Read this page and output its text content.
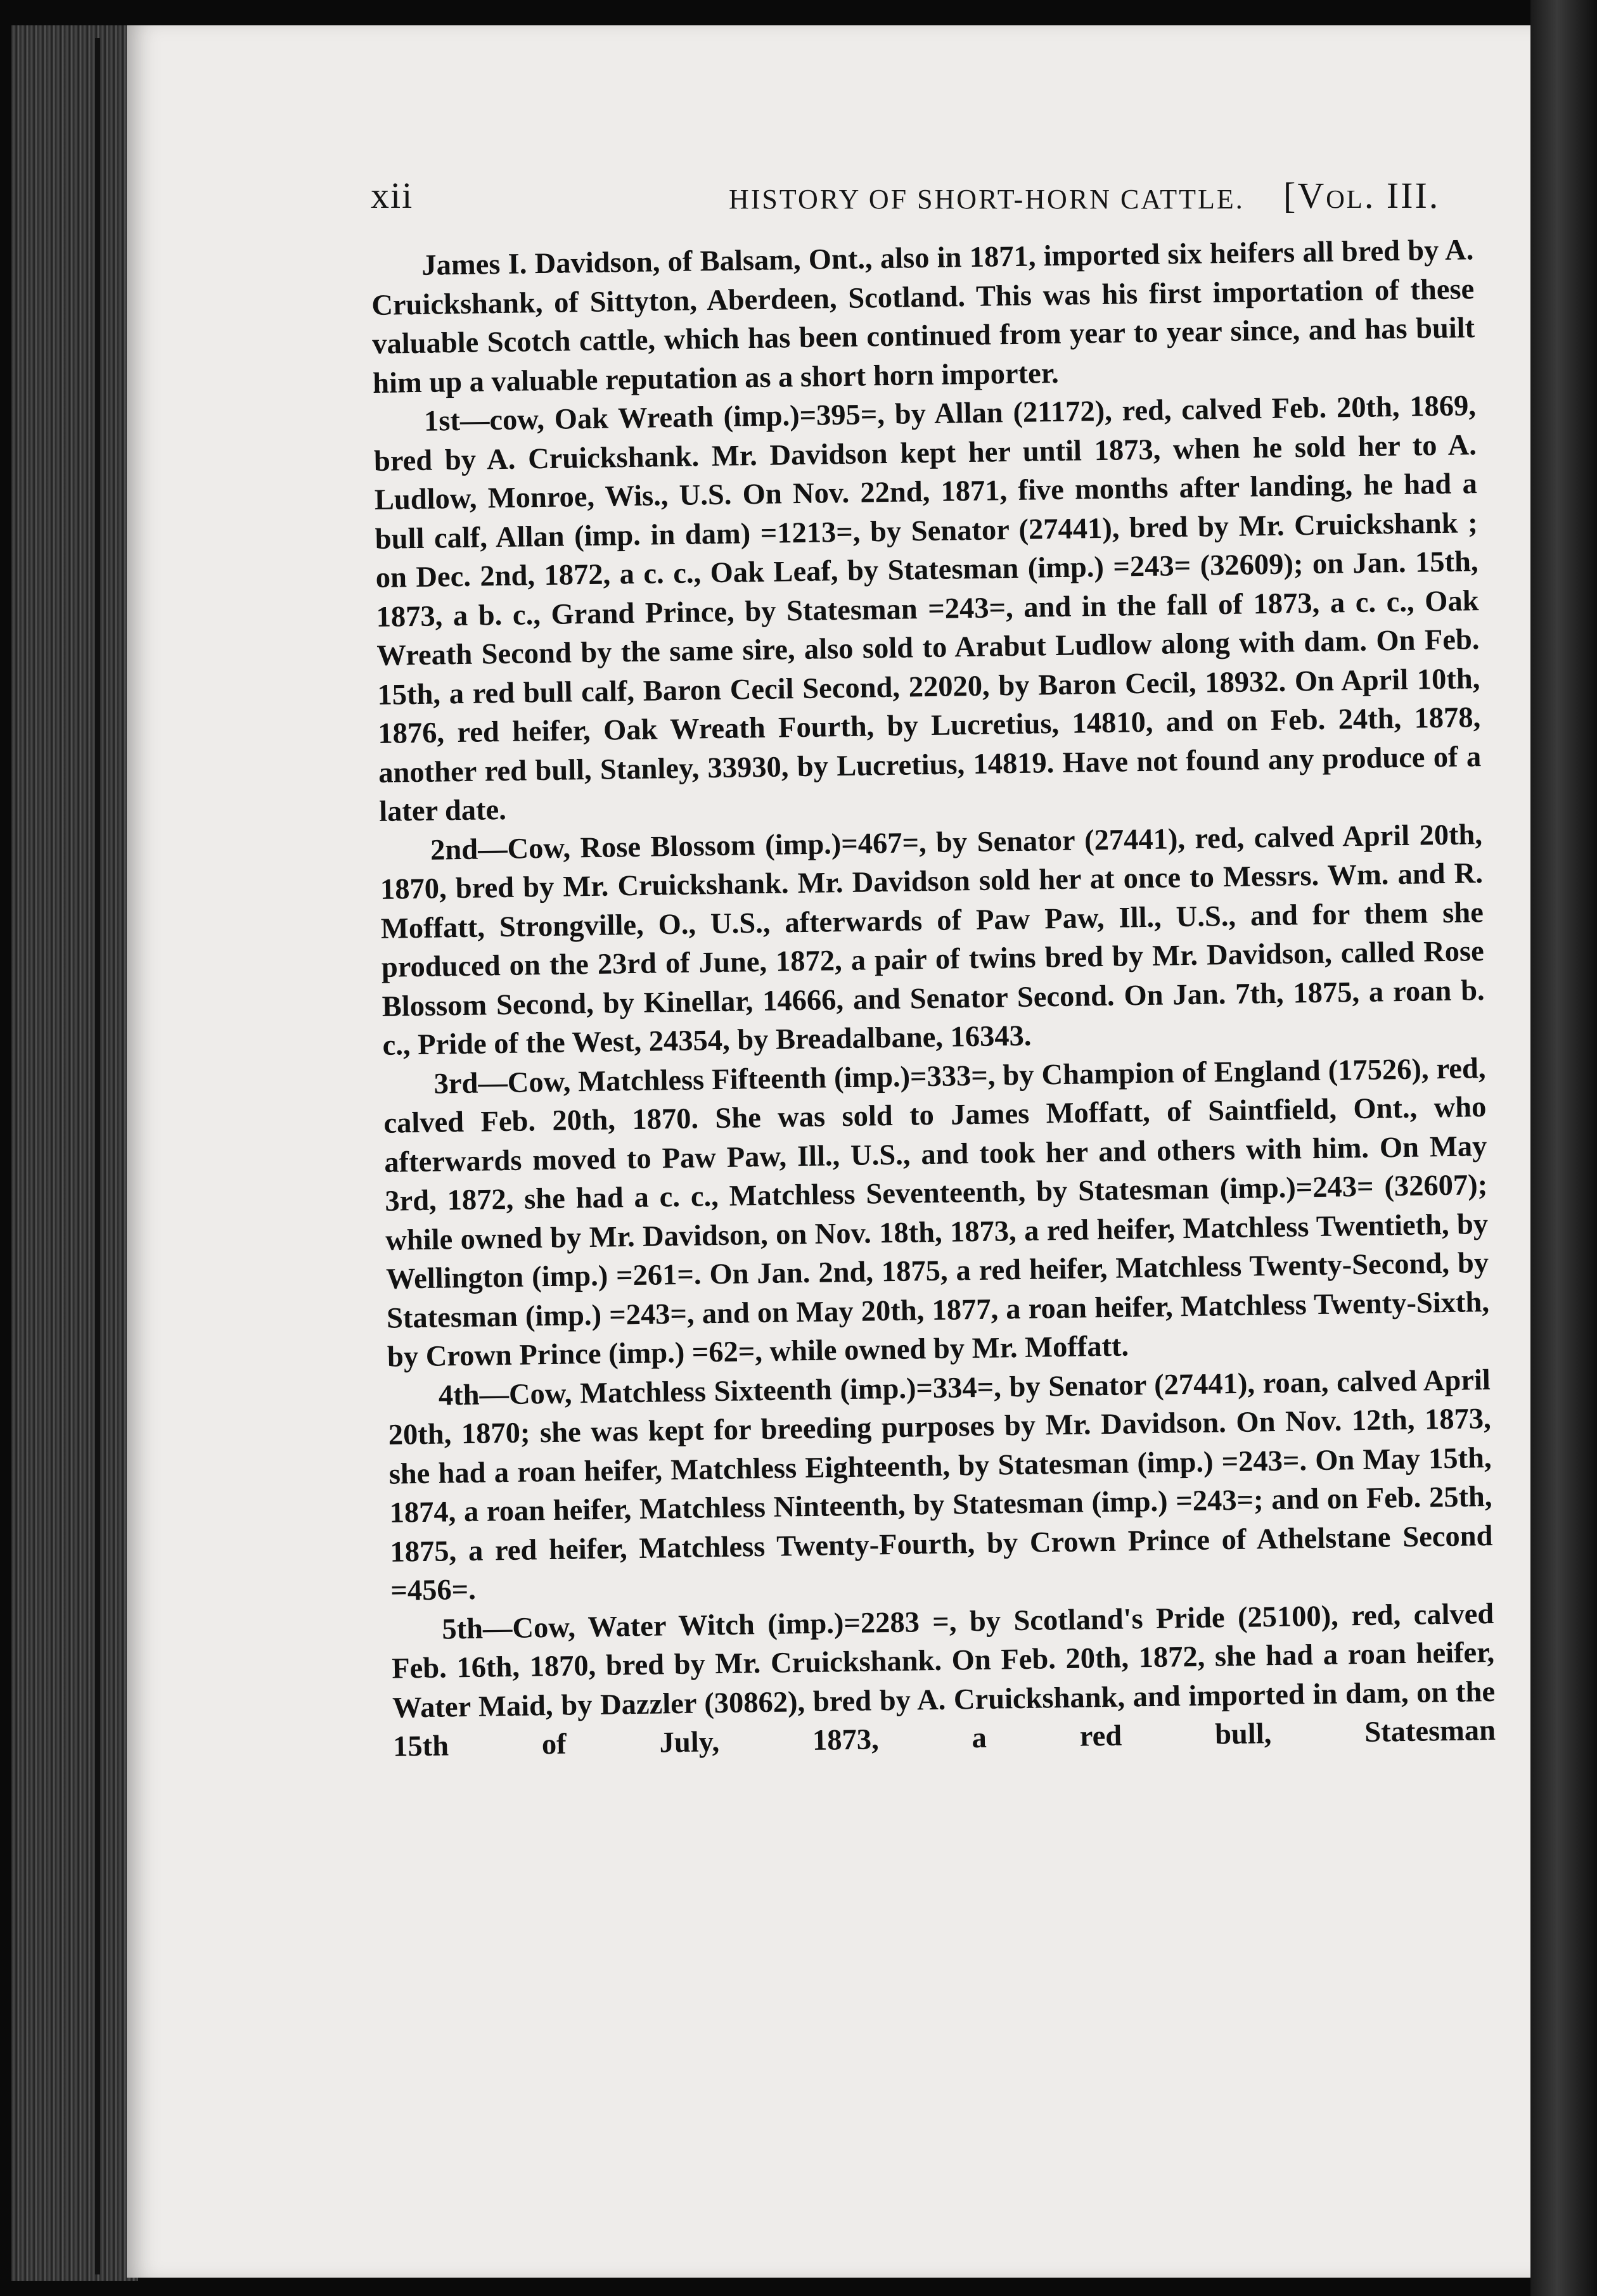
xii	HISTORY OF SHORT-HORN CATTLE. [Vol. III.

James I. Davidson, of Balsam, Ont., also in 1871, imported six heifers all bred by A. Cruickshank, of Sittyton, Aberdeen, Scotland. This was his first importation of these valuable Scotch cattle, which has been continued from year to year since, and has built him up a valuable reputation as a short horn importer.

1st—cow, Oak Wreath (imp.)=395=, by Allan (21172), red, calved Feb. 20th, 1869, bred by A. Cruickshank. Mr. Davidson kept her until 1873, when he sold her to A. Ludlow, Monroe, Wis., U.S. On Nov. 22nd, 1871, five months after landing, he had a bull calf, Allan (imp. in dam) =1213=, by Senator (27441), bred by Mr. Cruickshank ; on Dec. 2nd, 1872, a c. c., Oak Leaf, by Statesman (imp.) =243= (32609); on Jan. 15th, 1873, a b. c., Grand Prince, by Statesman =243=, and in the fall of 1873, a c. c., Oak Wreath Second by the same sire, also sold to Arabut Ludlow along with dam. On Feb. 15th, a red bull calf, Baron Cecil Second, 22020, by Baron Cecil, 18932. On April 10th, 1876, red heifer, Oak Wreath Fourth, by Lucretius, 14810, and on Feb. 24th, 1878, another red bull, Stanley, 33930, by Lucretius, 14819. Have not found any produce of a later date.

2nd—Cow, Rose Blossom (imp.)=467=, by Senator (27441), red, calved April 20th, 1870, bred by Mr. Cruickshank. Mr. Davidson sold her at once to Messrs. Wm. and R. Moffatt, Strongville, O., U.S., afterwards of Paw Paw, Ill., U.S., and for them she produced on the 23rd of June, 1872, a pair of twins bred by Mr. Davidson, called Rose Blossom Second, by Kinellar, 14666, and Senator Second. On Jan. 7th, 1875, a roan b. c., Pride of the West, 24354, by Breadalbane, 16343.

3rd—Cow, Matchless Fifteenth (imp.)=333=, by Champion of England (17526), red, calved Feb. 20th, 1870. She was sold to James Moffatt, of Saintfield, Ont., who afterwards moved to Paw Paw, Ill., U.S., and took her and others with him. On May 3rd, 1872, she had a c. c., Matchless Seventeenth, by Statesman (imp.)=243= (32607); while owned by Mr. Davidson, on Nov. 18th, 1873, a red heifer, Matchless Twentieth, by Wellington (imp.) =261=. On Jan. 2nd, 1875, a red heifer, Matchless Twenty-Second, by Statesman (imp.) =243=, and on May 20th, 1877, a roan heifer, Matchless Twenty-Sixth, by Crown Prince (imp.) =62=, while owned by Mr. Moffatt.

4th—Cow, Matchless Sixteenth (imp.)=334=, by Senator (27441), roan, calved April 20th, 1870; she was kept for breeding purposes by Mr. Davidson. On Nov. 12th, 1873, she had a roan heifer, Matchless Eighteenth, by Statesman (imp.) =243=. On May 15th, 1874, a roan heifer, Matchless Ninteenth, by Statesman (imp.) =243=; and on Feb. 25th, 1875, a red heifer, Matchless Twenty-Fourth, by Crown Prince of Athelstane Second =456=.

5th—Cow, Water Witch (imp.)=2283 =, by Scotland's Pride (25100), red, calved Feb. 16th, 1870, bred by Mr. Cruickshank. On Feb. 20th, 1872, she had a roan heifer, Water Maid, by Dazzler (30862), bred by A. Cruickshank, and imported in dam, on the 15th of July, 1873, a red bull, Statesman
